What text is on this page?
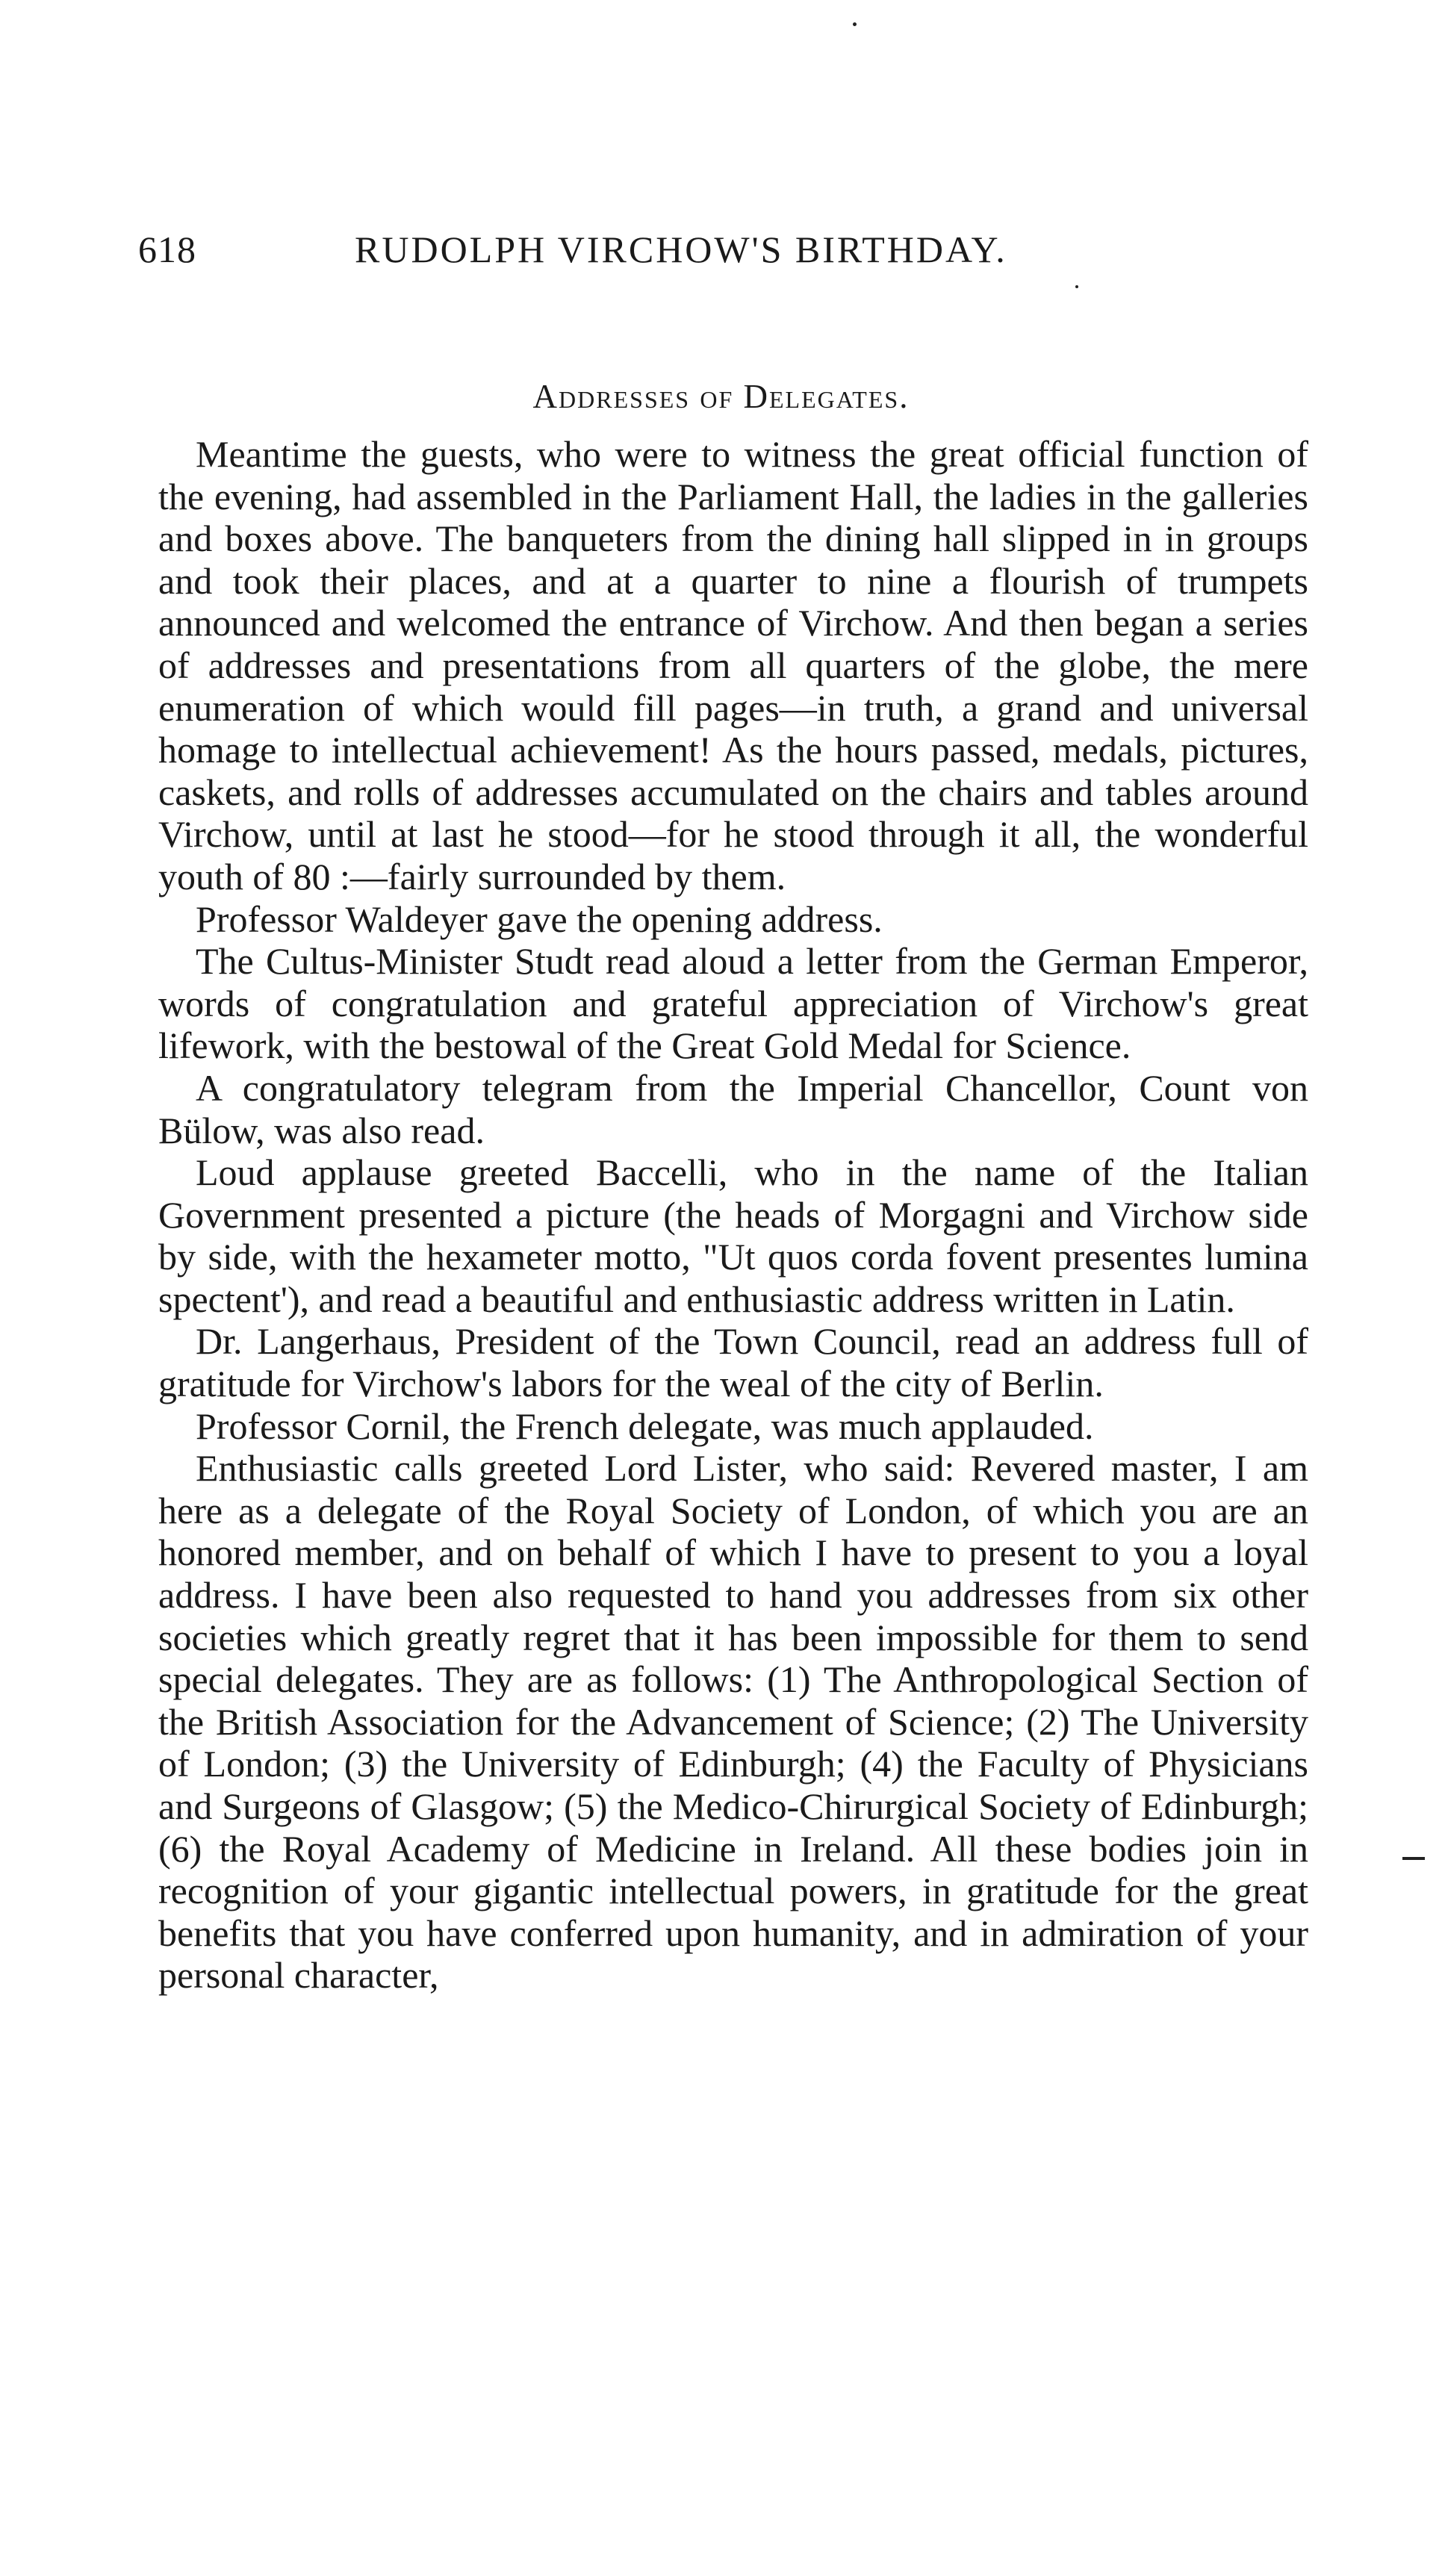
618	RUDOLPH VIRCHOW'S BIRTHDAY.
Addresses of Delegates.

Meantime the guests, who were to witness the great official function of the evening, had assembled in the Parliament Hall, the ladies in the galleries and boxes above. The banqueters from the dining hall slipped in in groups and took their places, and at a quarter to nine a flourish of trumpets announced and welcomed the entrance of Virchow. And then began a series of addresses and presentations from all quarters of the globe, the mere enumeration of which would fill pages—in truth, a grand and universal homage to intellectual achievement! As the hours passed, medals, pictures, caskets, and rolls of addresses accumulated on the chairs and tables around Virchow, until at last he stood—for he stood through it all, the wonderful youth of 80 :—fairly surrounded by them.

Professor Waldeyer gave the opening address.

The Cultus-Minister Studt read aloud a letter from the German Emperor, words of congratulation and grateful appreciation of Virchow's great lifework, with the bestowal of the Great Gold Medal for Science.

A congratulatory telegram from the Imperial Chancellor, Count von Bülow, was also read.

Loud applause greeted Baccelli, who in the name of the Italian Government presented a picture (the heads of Morgagni and Virchow side by side, with the hexameter motto, "Ut quos corda fovent presentes lumina spectent'), and read a beautiful and enthusiastic address written in Latin.

Dr. Langerhaus, President of the Town Council, read an address full of gratitude for Virchow's labors for the weal of the city of Berlin.

Professor Cornil, the French delegate, was much applauded.

Enthusiastic calls greeted Lord Lister, who said: Revered master, I am here as a delegate of the Royal Society of London, of which you are an honored member, and on behalf of which I have to present to you a loyal address. I have been also requested to hand you addresses from six other societies which greatly regret that it has been impossible for them to send special delegates. They are as follows: (1) The Anthropological Section of the British Association for the Advancement of Science; (2) The University of London; (3) the University of Edinburgh; (4) the Faculty of Physicians and Surgeons of Glasgow; (5) the Medico-Chirurgical Society of Edinburgh; (6) the Royal Academy of Medicine in Ireland. All these bodies join in recognition of your gigantic intellectual powers, in gratitude for the great benefits that you have conferred upon humanity, and in admiration of your personal character,
